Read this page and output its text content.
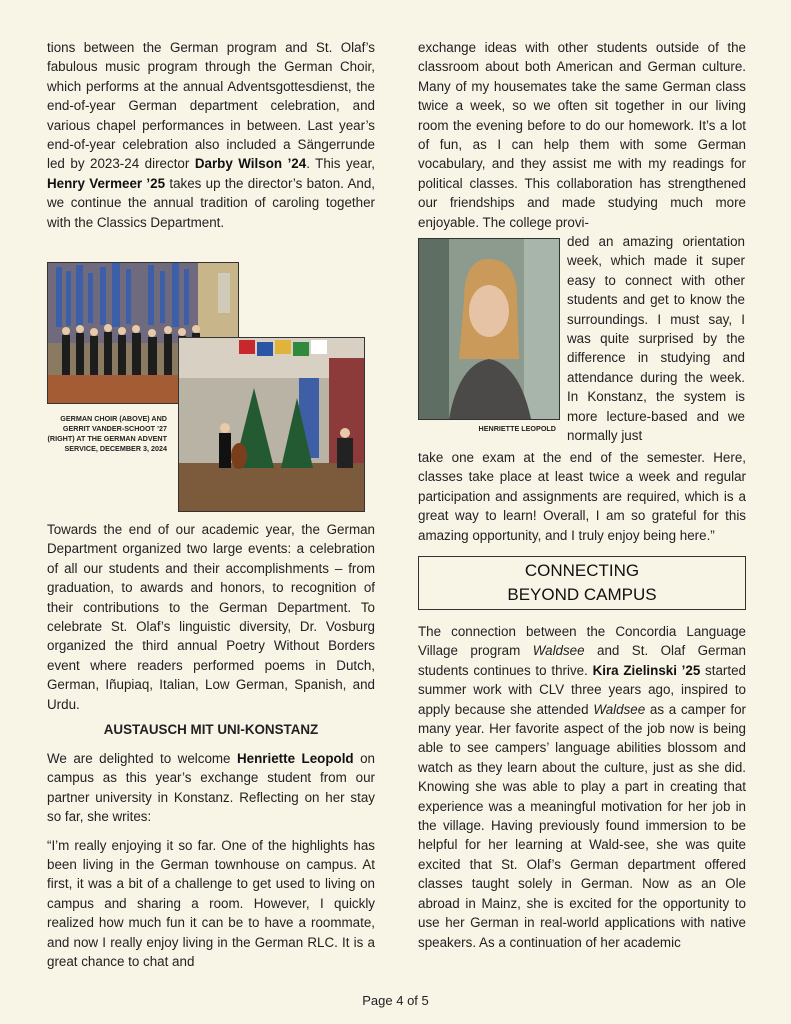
tions between the German program and St. Olaf’s fabulous music program through the German Choir, which performs at the annual Adventsgottesdienst, the end-of-year German department celebration, and various chapel performances in between. Last year’s end-of-year celebration also included a Sängerrunde led by 2023-24 director Darby Wilson ’24. This year, Henry Vermeer ’25 takes up the director’s baton. And, we continue the annual tradition of caroling together with the Classics Department.

GERMAN CHOIR (ABOVE) AND GERRIT VANDER-SCHOOT ’27 (RIGHT) AT THE GERMAN ADVENT SERVICE, DECEMBER 3, 2024

Towards the end of our academic year, the German Department organized two large events: a celebration of all our students and their accomplishments – from graduation, to awards and honors, to recognition of their contributions to the German Department. To celebrate St. Olaf’s linguistic diversity, Dr. Vosburg organized the third annual Poetry Without Borders event where readers performed poems in Dutch, German, Iñupiaq, Italian, Low German, Spanish, and Urdu.

AUSTAUSCH MIT UNI-KONSTANZ

We are delighted to welcome Henriette Leopold on campus as this year’s exchange student from our partner university in Konstanz. Reflecting on her stay so far, she writes:

“I’m really enjoying it so far. One of the highlights has been living in the German townhouse on campus. At first, it was a bit of a challenge to get used to living on campus and sharing a room. However, I quickly realized how much fun it can be to have a roommate, and now I really enjoy living in the German RLC. It is a great chance to chat and

exchange ideas with other students outside of the classroom about both American and German culture. Many of my housemates take the same German class twice a week, so we often sit together in our living room the evening before to do our homework. It’s a lot of fun, as I can help them with some German vocabulary, and they assist me with my readings for political classes. This collaboration has strengthened our friendships and made studying much more enjoyable. The college provi-

HENRIETTE LEOPOLD

ded an amazing orientation week, which made it super easy to connect with other students and get to know the surroundings. I must say, I was quite surprised by the difference in studying and attendance during the week. In Konstanz, the system is more lecture-based and we normally just

take one exam at the end of the semester. Here, classes take place at least twice a week and regular participation and assignments are required, which is a great way to learn! Overall, I am so grateful for this amazing opportunity, and I truly enjoy being here.”

CONNECTING BEYOND CAMPUS

The connection between the Concordia Language Village program Waldsee and St. Olaf German students continues to thrive. Kira Zielinski ’25 started summer work with CLV three years ago, inspired to apply because she attended Waldsee as a camper for many year. Her favorite aspect of the job now is being able to see campers’ language abilities blossom and watch as they learn about the culture, just as she did. Knowing she was able to play a part in creating that experience was a meaningful motivation for her job in the village. Having previously found immersion to be helpful for her learning at Wald-see, she was quite excited that St. Olaf’s German department offered classes taught solely in German. Now as an Ole abroad in Mainz, she is excited for the opportunity to use her German in real-world applications with native speakers. As a continuation of her academic

Page 4 of 5
